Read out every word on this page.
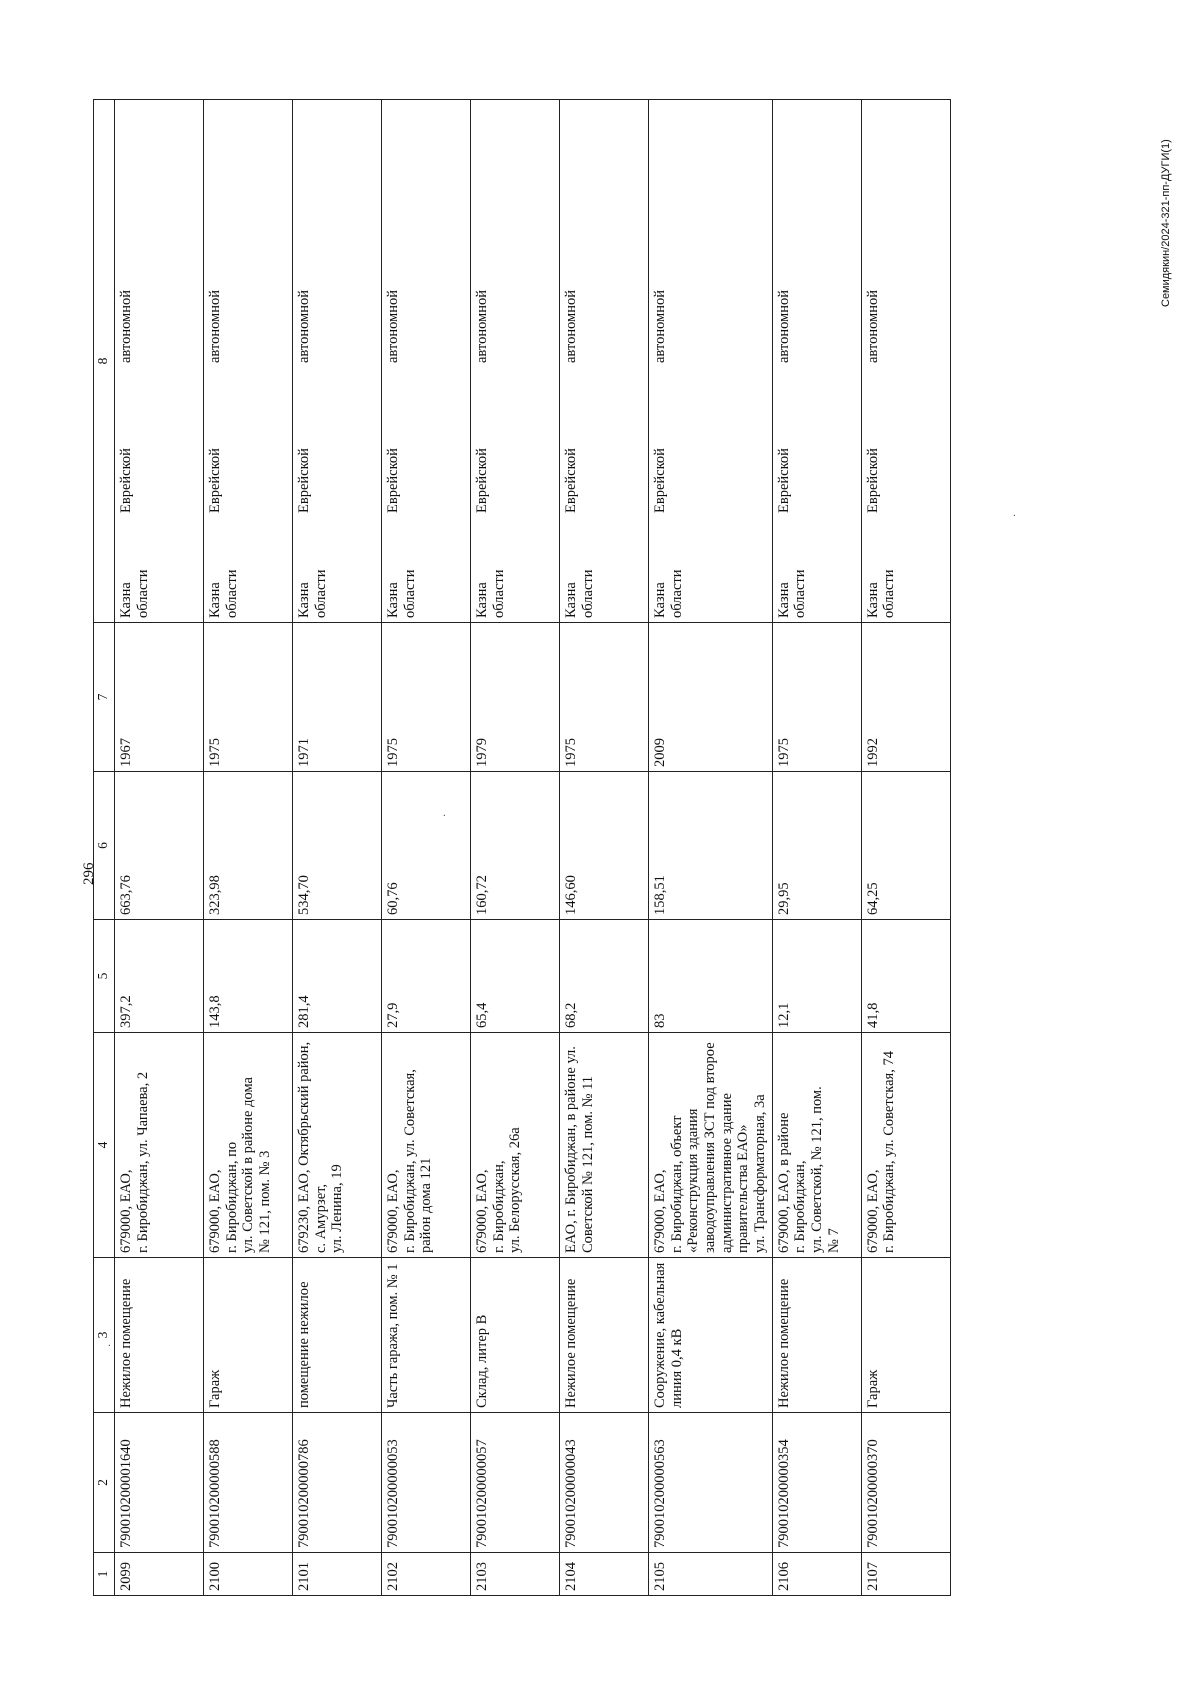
296
1	2	3	4	5	6	7	8
2099	790010200001640	Нежилое помещение	679000, ЕАО,
г. Биробиджан, ул. Чапаева, 2	397,2	663,76	1967	Казна
области
Еврейской
автономной

2100	790010200000588	Гараж	679000, ЕАО,
г. Биробиджан, по
ул. Советской в районе дома
№ 121, пом. № 3	143,8	323,98	1975	Казна
области
Еврейской
автономной

2101	790010200000786	помещение нежилое	679230, ЕАО, Октябрьский район, с. Амурзет,
ул. Ленина, 19	281,4	534,70	1971	Казна
области
Еврейской
автономной

2102	790010200000053	Часть гаража, пом. № 1	679000, ЕАО,
г. Биробиджан, ул. Советская, район дома 121	27,9	60,76	1975	Казна
области
Еврейской
автономной

2103	790010200000057	Склад, литер В	679000, ЕАО,
г. Биробиджан,
ул. Белорусская, 26а	65,4	160,72	1979	Казна
области
Еврейской
автономной

2104	790010200000043	Нежилое помещение	ЕАО, г. Биробиджан, в районе ул. Советской № 121, пом. № 11	68,2	146,60	1975	Казна
области
Еврейской
автономной

2105	790010200000563	Сооружение, кабельная линия 0,4 кВ	679000, ЕАО,
г. Биробиджан, объект «Реконструкция здания заводоуправления ЗСТ под второе административное здание правительства ЕАО»
ул. Трансформаторная, 3а	83	158,51	2009	Казна
области
Еврейской
автономной

2106	790010200000354	Нежилое помещение	679000, ЕАО, в районе
г. Биробиджан,
ул. Советской, № 121, пом.
№ 7	12,1	29,95	1975	Казна
области
Еврейской
автономной

2107	790010200000370	Гараж	679000, ЕАО,
г. Биробиджан, ул. Советская, 74	41,8	64,25	1992	Казна
области
Еврейской
автономной
·
·
·
Семидякин/2024-321-пп-ДУГИ(1)
